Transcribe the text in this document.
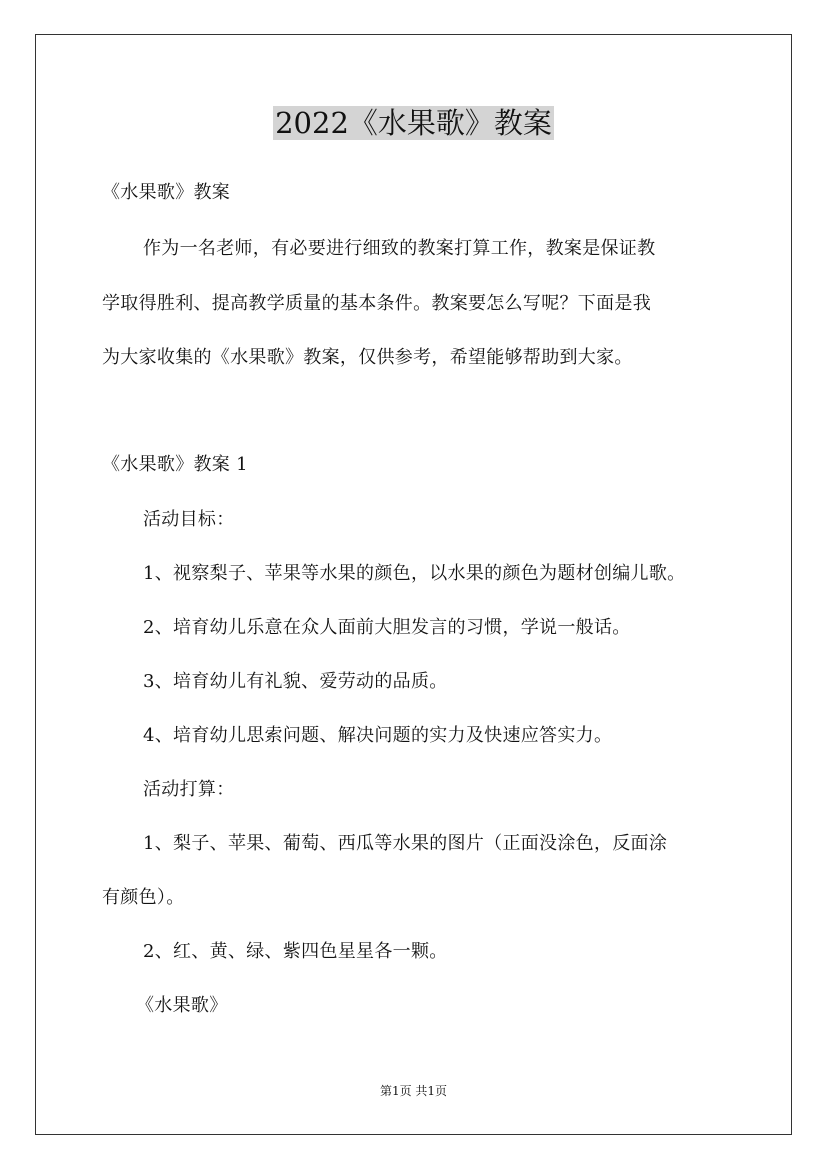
2022《水果歌》教案
《水果歌》教案
作为一名老师，有必要进行细致的教案打算工作，教案是保证教
学取得胜利、提高教学质量的基本条件。教案要怎么写呢？下面是我
为大家收集的《水果歌》教案，仅供参考，希望能够帮助到大家。
《水果歌》教案 1
活动目标：
1、视察梨子、苹果等水果的颜色，以水果的颜色为题材创编儿歌。
2、培育幼儿乐意在众人面前大胆发言的习惯，学说一般话。
3、培育幼儿有礼貌、爱劳动的品质。
4、培育幼儿思索问题、解决问题的实力及快速应答实力。
活动打算：
1、梨子、苹果、葡萄、西瓜等水果的图片（正面没涂色，反面涂
有颜色）。
2、红、黄、绿、紫四色星星各一颗。
《水果歌》
第1页 共1页
